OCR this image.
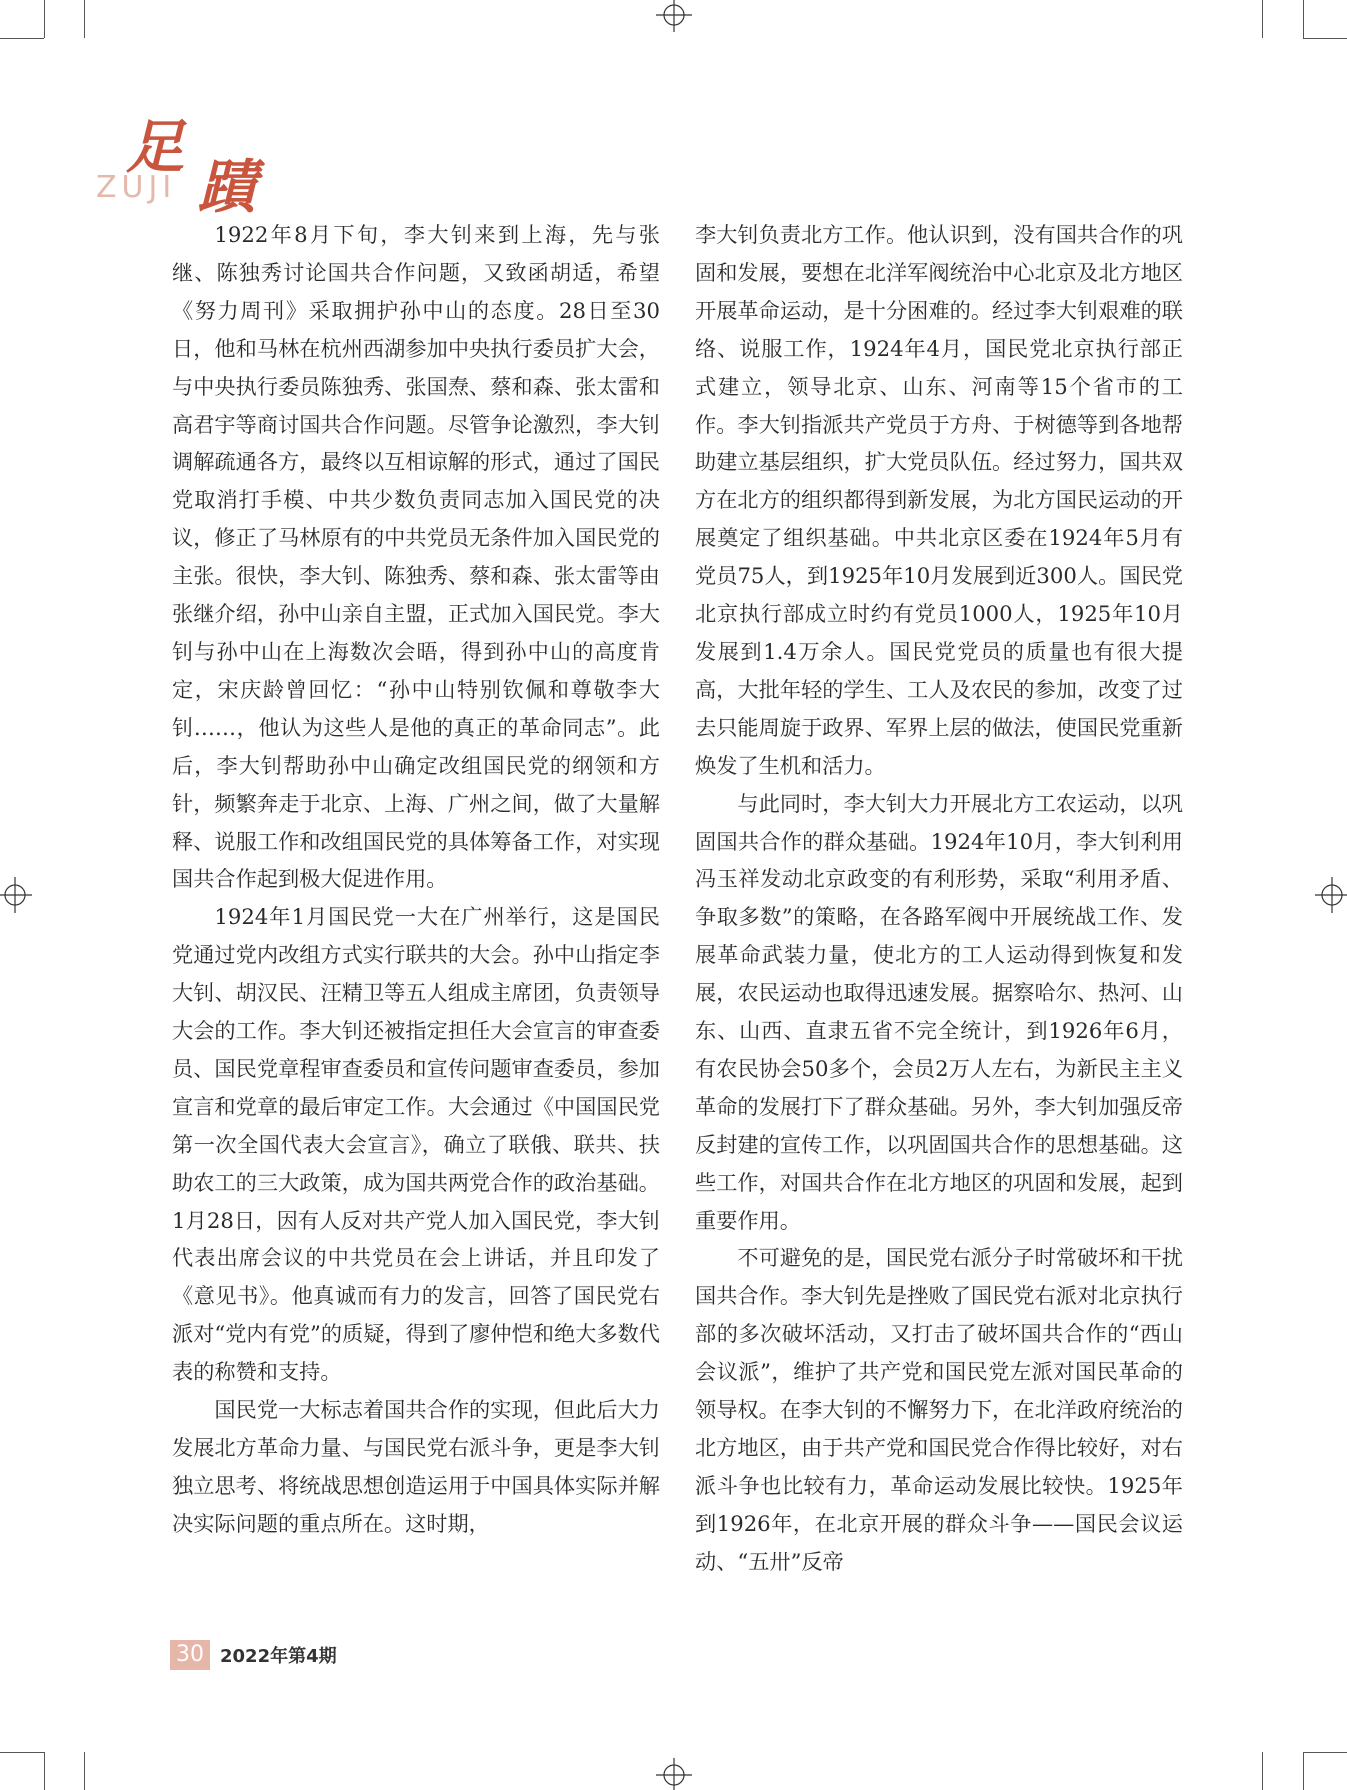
足
蹟
ZUJI

1922年8月下旬，李大钊来到上海，先与张继、陈独秀讨论国共合作问题，又致函胡适，希望《努力周刊》采取拥护孙中山的态度。28日至30日，他和马林在杭州西湖参加中央执行委员扩大会，与中央执行委员陈独秀、张国焘、蔡和森、张太雷和高君宇等商讨国共合作问题。尽管争论激烈，李大钊调解疏通各方，最终以互相谅解的形式，通过了国民党取消打手模、中共少数负责同志加入国民党的决议，修正了马林原有的中共党员无条件加入国民党的主张。很快，李大钊、陈独秀、蔡和森、张太雷等由张继介绍，孙中山亲自主盟，正式加入国民党。李大钊与孙中山在上海数次会晤，得到孙中山的高度肯定，宋庆龄曾回忆：“孙中山特别钦佩和尊敬李大钊……，他认为这些人是他的真正的革命同志”。此后，李大钊帮助孙中山确定改组国民党的纲领和方针，频繁奔走于北京、上海、广州之间，做了大量解释、说服工作和改组国民党的具体筹备工作，对实现国共合作起到极大促进作用。

1924年1月国民党一大在广州举行，这是国民党通过党内改组方式实行联共的大会。孙中山指定李大钊、胡汉民、汪精卫等五人组成主席团，负责领导大会的工作。李大钊还被指定担任大会宣言的审查委员、国民党章程审查委员和宣传问题审查委员，参加宣言和党章的最后审定工作。大会通过《中国国民党第一次全国代表大会宣言》，确立了联俄、联共、扶助农工的三大政策，成为国共两党合作的政治基础。1月28日，因有人反对共产党人加入国民党，李大钊代表出席会议的中共党员在会上讲话，并且印发了《意见书》。他真诚而有力的发言，回答了国民党右派对“党内有党”的质疑，得到了廖仲恺和绝大多数代表的称赞和支持。

国民党一大标志着国共合作的实现，但此后大力发展北方革命力量、与国民党右派斗争，更是李大钊独立思考、将统战思想创造运用于中国具体实际并解决实际问题的重点所在。这时期，

李大钊负责北方工作。他认识到，没有国共合作的巩固和发展，要想在北洋军阀统治中心北京及北方地区开展革命运动，是十分困难的。经过李大钊艰难的联络、说服工作，1924年4月，国民党北京执行部正式建立，领导北京、山东、河南等15个省市的工作。李大钊指派共产党员于方舟、于树德等到各地帮助建立基层组织，扩大党员队伍。经过努力，国共双方在北方的组织都得到新发展，为北方国民运动的开展奠定了组织基础。中共北京区委在1924年5月有党员75人，到1925年10月发展到近300人。国民党北京执行部成立时约有党员1000人，1925年10月发展到1.4万余人。国民党党员的质量也有很大提高，大批年轻的学生、工人及农民的参加，改变了过去只能周旋于政界、军界上层的做法，使国民党重新焕发了生机和活力。

与此同时，李大钊大力开展北方工农运动，以巩固国共合作的群众基础。1924年10月，李大钊利用冯玉祥发动北京政变的有利形势，采取“利用矛盾、争取多数”的策略，在各路军阀中开展统战工作、发展革命武装力量，使北方的工人运动得到恢复和发展，农民运动也取得迅速发展。据察哈尔、热河、山东、山西、直隶五省不完全统计，到1926年6月，有农民协会50多个，会员2万人左右，为新民主主义革命的发展打下了群众基础。另外，李大钊加强反帝反封建的宣传工作，以巩固国共合作的思想基础。这些工作，对国共合作在北方地区的巩固和发展，起到重要作用。

不可避免的是，国民党右派分子时常破坏和干扰国共合作。李大钊先是挫败了国民党右派对北京执行部的多次破坏活动，又打击了破坏国共合作的“西山会议派”，维护了共产党和国民党左派对国民革命的领导权。在李大钊的不懈努力下，在北洋政府统治的北方地区，由于共产党和国民党合作得比较好，对右派斗争也比较有力，革命运动发展比较快。1925年到1926年，在北京开展的群众斗争——国民会议运动、“五卅”反帝

30 2022年第4期
